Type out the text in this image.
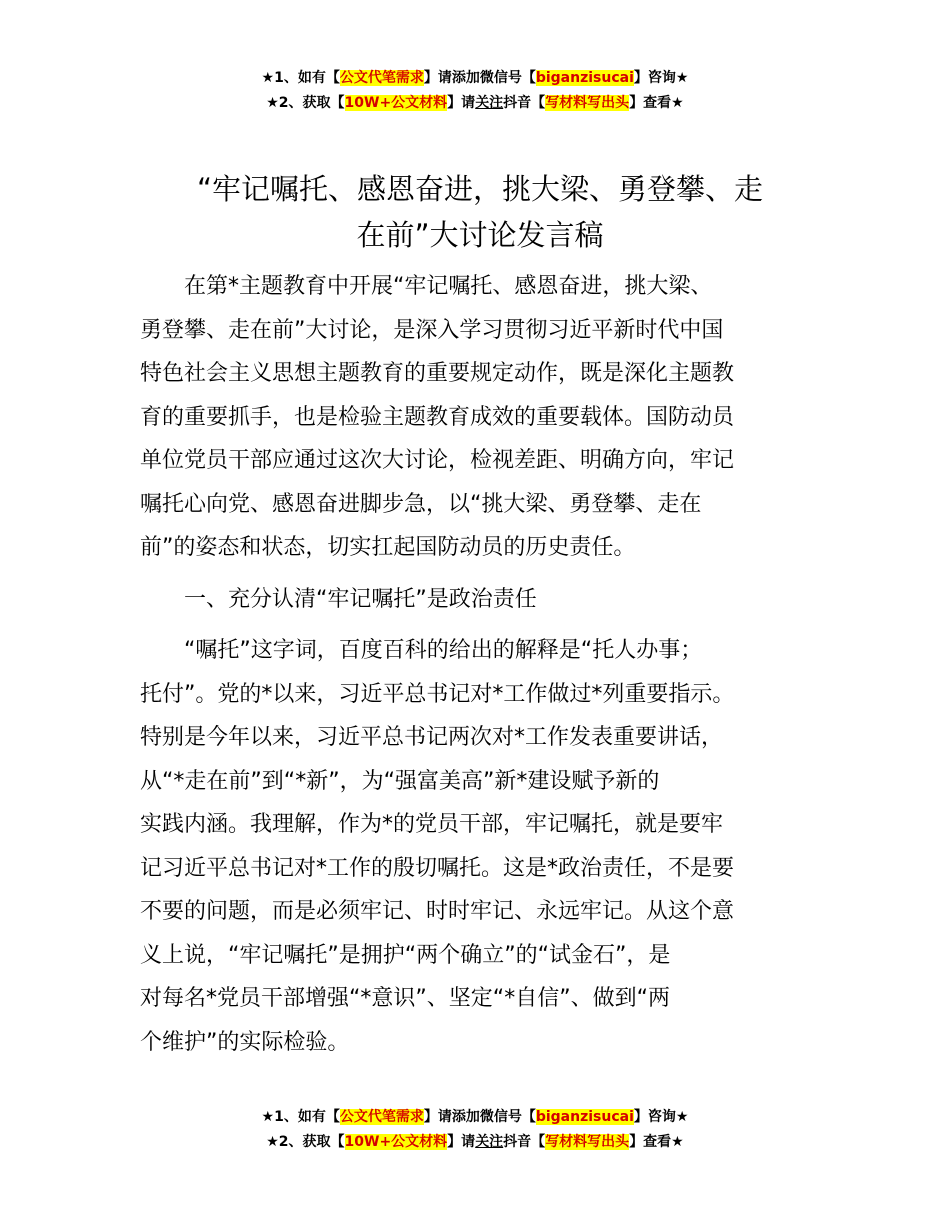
★1、如有【公文代笔需求】请添加微信号【biganzisucai】咨询★
★2、获取【10W+公文材料】请关注抖音【写材料写出头】查看★
“牢记嘱托、感恩奋进，挑大梁、勇登攀、走
在前”大讨论发言稿
　　在第*主题教育中开展“牢记嘱托、感恩奋进，挑大梁、
勇登攀、走在前”大讨论，是深入学习贯彻习近平新时代中国
特色社会主义思想主题教育的重要规定动作，既是深化主题教
育的重要抓手，也是检验主题教育成效的重要载体。国防动员
单位党员干部应通过这次大讨论，检视差距、明确方向，牢记
嘱托心向党、感恩奋进脚步急，以“挑大梁、勇登攀、走在
前”的姿态和状态，切实扛起国防动员的历史责任。
　　一、充分认清“牢记嘱托”是政治责任
　　“嘱托”这字词，百度百科的给出的解释是“托人办事；
托付”。党的*以来，习近平总书记对*工作做过*列重要指示。
特别是今年以来，习近平总书记两次对*工作发表重要讲话，
从“*走在前”到“*新”，为“强富美高”新*建设赋予新的
实践内涵。我理解，作为*的党员干部，牢记嘱托，就是要牢
记习近平总书记对*工作的殷切嘱托。这是*政治责任，不是要
不要的问题，而是必须牢记、时时牢记、永远牢记。从这个意
义上说，“牢记嘱托”是拥护“两个确立”的“试金石”，是
对每名*党员干部增强“*意识”、坚定“*自信”、做到“两
个维护”的实际检验。
★1、如有【公文代笔需求】请添加微信号【biganzisucai】咨询★
★2、获取【10W+公文材料】请关注抖音【写材料写出头】查看★
